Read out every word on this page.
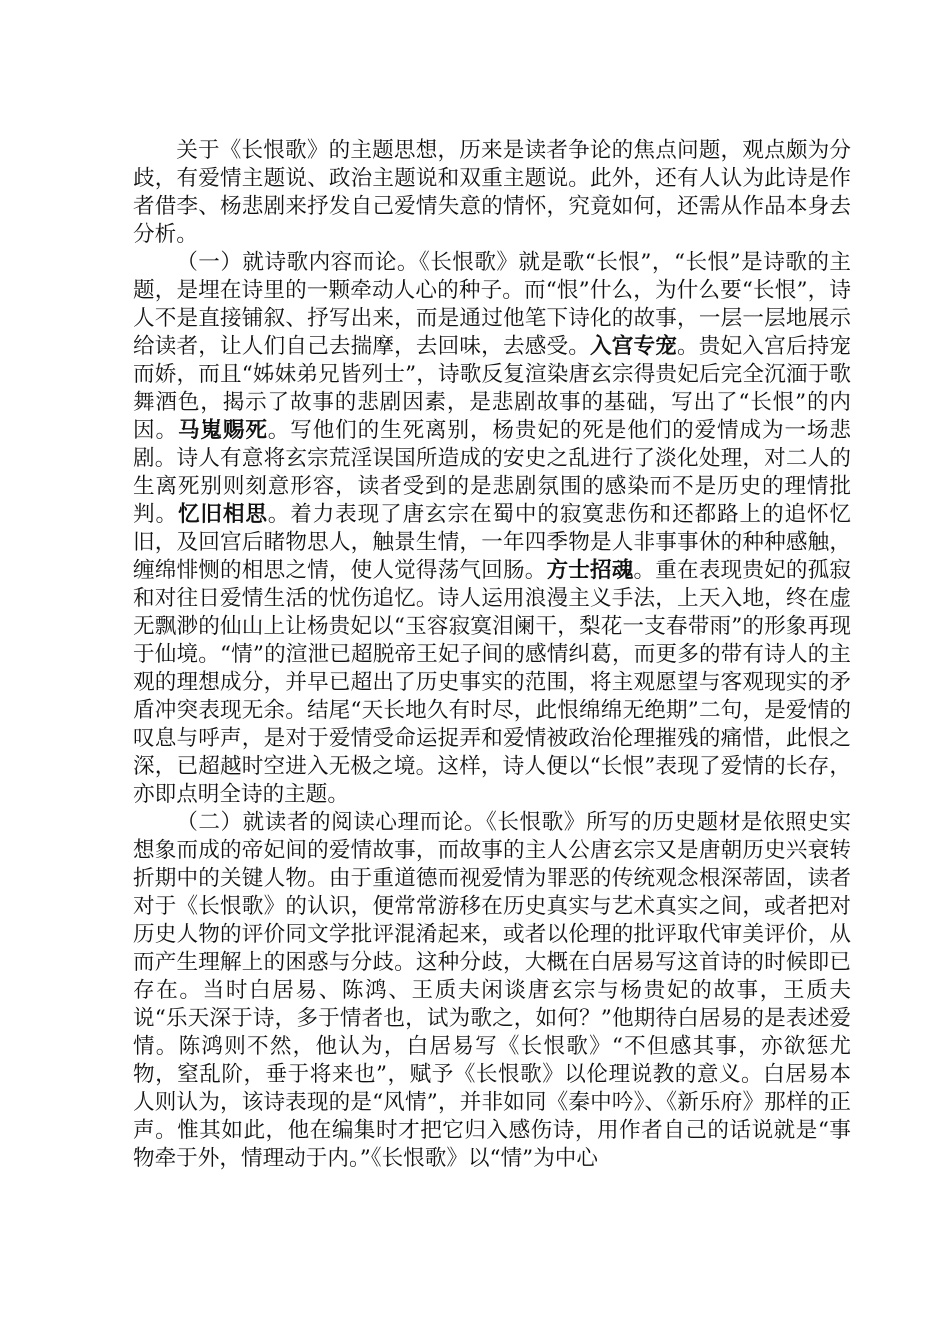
关于《长恨歌》的主题思想，历来是读者争论的焦点问题，观点颇为分歧，有爱情主题说、政治主题说和双重主题说。此外，还有人认为此诗是作者借李、杨悲剧来抒发自己爱情失意的情怀，究竟如何，还需从作品本身去分析。

（一）就诗歌内容而论。《长恨歌》就是歌“长恨”，“长恨”是诗歌的主题，是埋在诗里的一颗牵动人心的种子。而“恨”什么，为什么要“长恨”，诗人不是直接铺叙、抒写出来，而是通过他笔下诗化的故事，一层一层地展示给读者，让人们自己去揣摩，去回味，去感受。入宫专宠。贵妃入宫后持宠而娇，而且“姊妹弟兄皆列士”，诗歌反复渲染唐玄宗得贵妃后完全沉湎于歌舞酒色，揭示了故事的悲剧因素，是悲剧故事的基础，写出了“长恨”的内因。马嵬赐死。写他们的生死离别，杨贵妃的死是他们的爱情成为一场悲剧。诗人有意将玄宗荒淫误国所造成的安史之乱进行了淡化处理，对二人的生离死别则刻意形容，读者受到的是悲剧氛围的感染而不是历史的理情批判。忆旧相思。着力表现了唐玄宗在蜀中的寂寞悲伤和还都路上的追怀忆旧，及回宫后睹物思人，触景生情，一年四季物是人非事事休的种种感触，缠绵悱恻的相思之情，使人觉得荡气回肠。方士招魂。重在表现贵妃的孤寂和对往日爱情生活的忧伤追忆。诗人运用浪漫主义手法，上天入地，终在虚无飘渺的仙山上让杨贵妃以“玉容寂寞泪阑干，梨花一支春带雨”的形象再现于仙境。“情”的渲泄已超脱帝王妃子间的感情纠葛，而更多的带有诗人的主观的理想成分，并早已超出了历史事实的范围，将主观愿望与客观现实的矛盾冲突表现无余。结尾“天长地久有时尽，此恨绵绵无绝期”二句，是爱情的叹息与呼声，是对于爱情受命运捉弄和爱情被政治伦理摧残的痛惜，此恨之深，已超越时空进入无极之境。这样，诗人便以“长恨”表现了爱情的长存，亦即点明全诗的主题。

（二）就读者的阅读心理而论。《长恨歌》所写的历史题材是依照史实想象而成的帝妃间的爱情故事，而故事的主人公唐玄宗又是唐朝历史兴衰转折期中的关键人物。由于重道德而视爱情为罪恶的传统观念根深蒂固，读者对于《长恨歌》的认识，便常常游移在历史真实与艺术真实之间，或者把对历史人物的评价同文学批评混淆起来，或者以伦理的批评取代审美评价，从而产生理解上的困惑与分歧。这种分歧，大概在白居易写这首诗的时候即已存在。当时白居易、陈鸿、王质夫闲谈唐玄宗与杨贵妃的故事，王质夫说“乐天深于诗，多于情者也，试为歌之，如何？”他期待白居易的是表述爱情。陈鸿则不然，他认为，白居易写《长恨歌》“不但感其事，亦欲惩尤物，窒乱阶，垂于将来也”，赋予《长恨歌》以伦理说教的意义。白居易本人则认为，该诗表现的是“风情”，并非如同《秦中吟》、《新乐府》那样的正声。惟其如此，他在编集时才把它归入感伤诗，用作者自己的话说就是“事物牵于外，情理动于内。”《长恨歌》以“情”为中心
